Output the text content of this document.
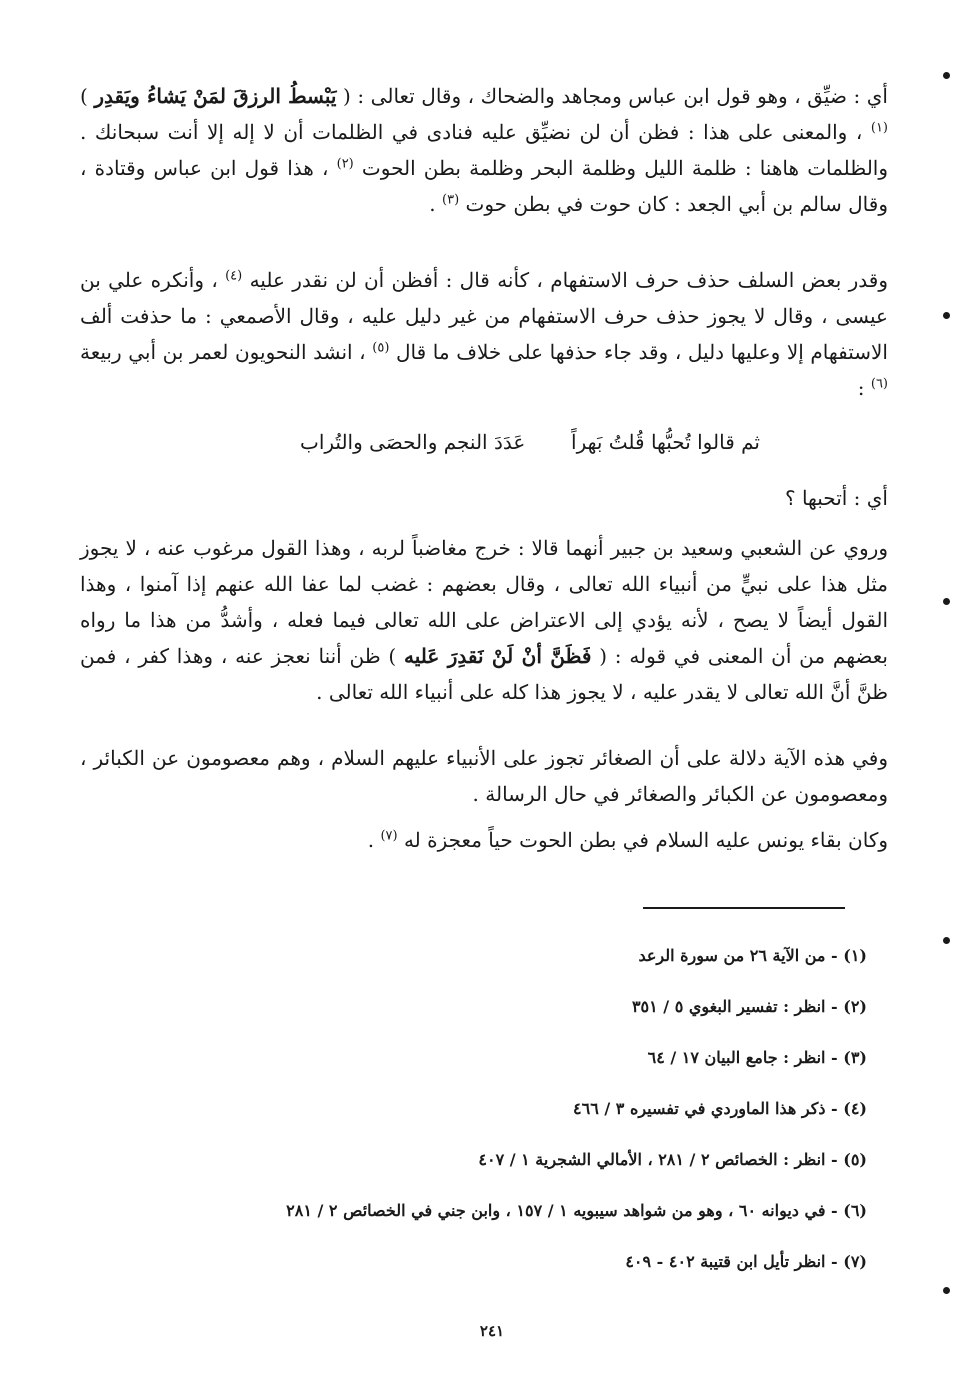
أي : ضيِّق ، وهو قول ابن عباس ومجاهد والضحاك ، وقال تعالى : ( يَبْسطُ الرزقَ لمَنْ يَشاءُ ويَقدِر ) $^{(١)}$ ، والمعنى على هذا : فظن أن لن نضيِّق عليه فنادى في الظلمات أن لا إله إلا أنت سبحانك . والظلمات هاهنا : ظلمة الليل وظلمة البحر وظلمة بطن الحوت $^{(٢)}$ ، هذا قول ابن عباس وقتادة ، وقال سالم بن أبي الجعد : كان حوت في بطن حوت $^{(٣)}$ .

وقدر بعض السلف حذف حرف الاستفهام ، كأنه قال : أفظن أن لن نقدر عليه $^{(٤)}$ ، وأنكره علي بن عيسى ، وقال لا يجوز حذف حرف الاستفهام من غير دليل عليه ، وقال الأصمعي : ما حذفت ألف الاستفهام إلا وعليها دليل ، وقد جاء حذفها على خلاف ما قال $^{(٥)}$ ، انشد النحويون لعمر بن أبي ربيعة $^{(٦)}$ :

ثم قالوا تُحبُّها قُلتُ بَهراً
عَدَدَ النجم والحصَى والتُراب

أي : أتحبها ؟

وروي عن الشعبي وسعيد بن جبير أنهما قالا : خرج مغاضباً لربه ، وهذا القول مرغوب عنه ، لا يجوز مثل هذا على نبيٍّ من أنبياء الله تعالى ، وقال بعضهم : غضب لما عفا الله عنهم إذا آمنوا ، وهذا القول أيضاً لا يصح ، لأنه يؤدي إلى الاعتراض على الله تعالى فيما فعله ، وأشدُّ من هذا ما رواه بعضهم من أن المعنى في قوله : ( فَظَنَّ أنْ لَنْ نَقدِرَ عَليه ) ظن أننا نعجز عنه ، وهذا كفر ، فمن ظنَّ أنَّ الله تعالى لا يقدر عليه ، لا يجوز هذا كله على أنبياء الله تعالى .

وفي هذه الآية دلالة على أن الصغائر تجوز على الأنبياء عليهم السلام ، وهم معصومون عن الكبائر ، ومعصومون عن الكبائر والصغائر في حال الرسالة .

وكان بقاء يونس عليه السلام في بطن الحوت حياً معجزة له $^{(٧)}$ .

(١) - من الآية ٢٦ من سورة الرعد

(٢) - انظر : تفسير البغوي ٥ / ٣٥١

(٣) - انظر : جامع البيان ١٧ / ٦٤

(٤) - ذكر هذا الماوردي في تفسيره ٣ / ٤٦٦

(٥) - انظر : الخصائص ٢ / ٢٨١ ، الأمالي الشجرية ١ / ٤٠٧

(٦) - في ديوانه ٦٠ ، وهو من شواهد سيبويه ١ / ١٥٧ ، وابن جني في الخصائص ٢ / ٢٨١

(٧) - انظر تأيل ابن قتيبة ٤٠٢ - ٤٠٩

٢٤١
